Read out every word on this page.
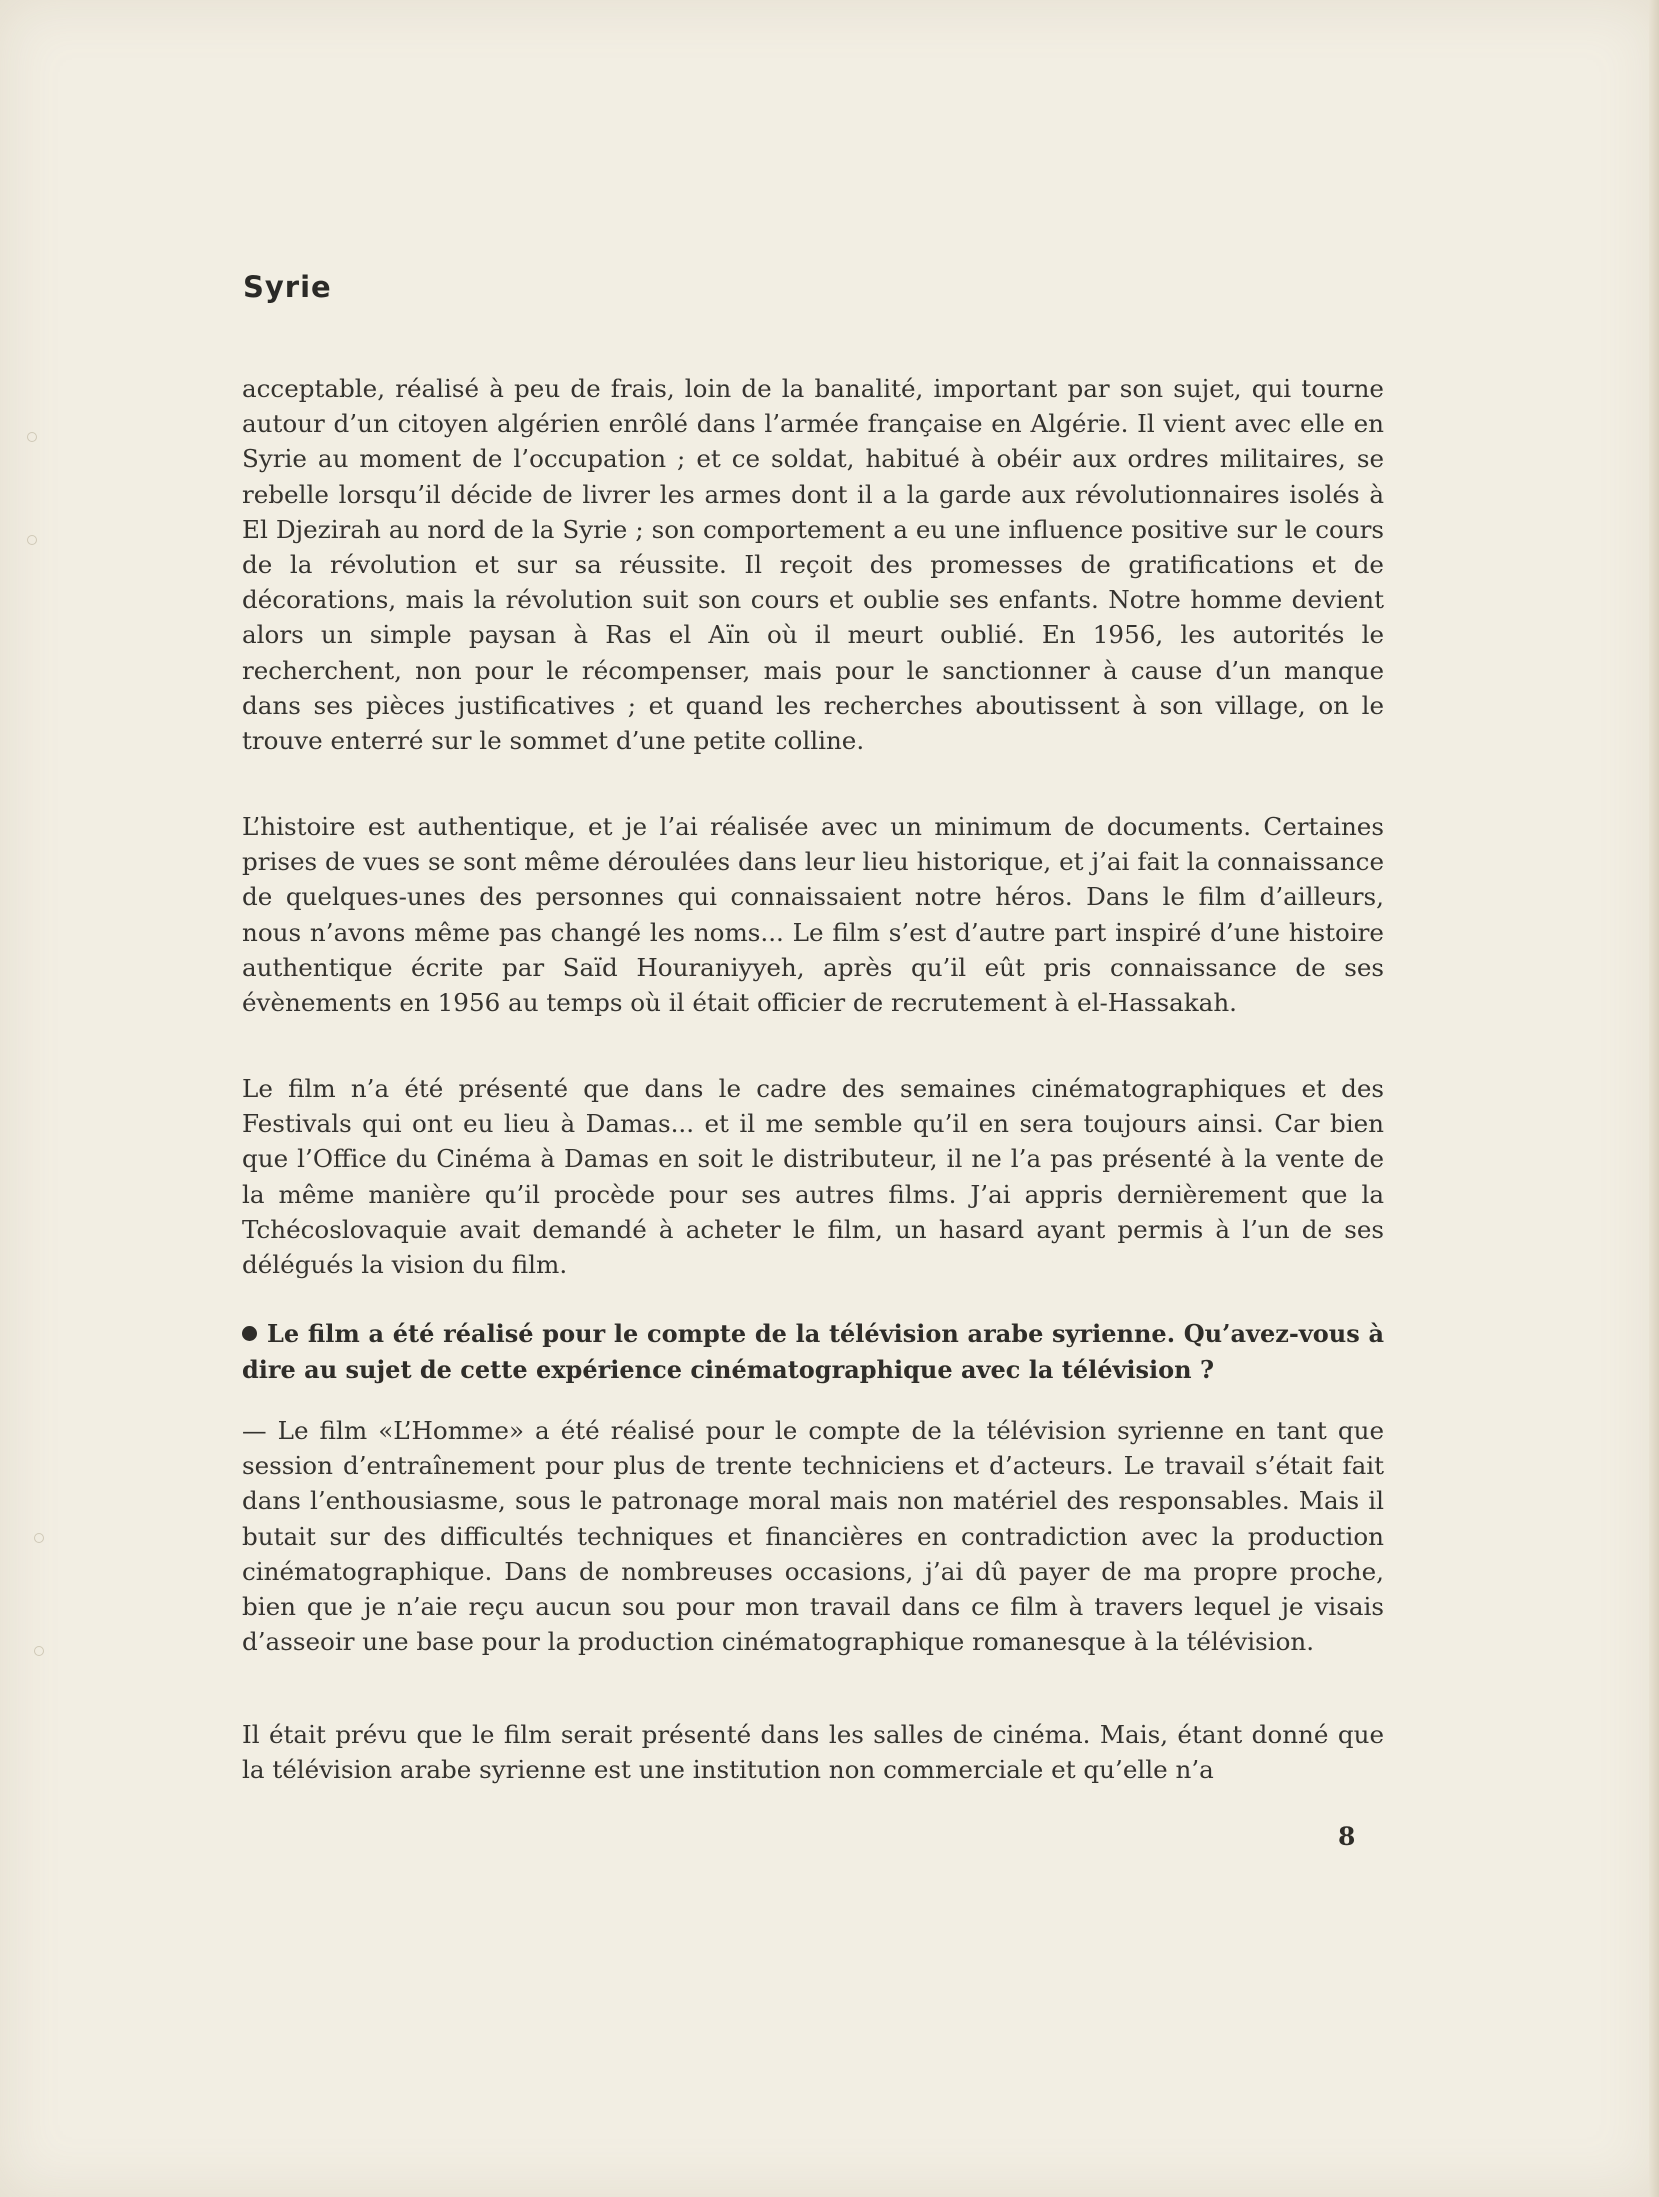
Syrie

acceptable, réalisé à peu de frais, loin de la banalité, important par son sujet, qui tourne autour d’un citoyen algérien enrôlé dans l’armée française en Algérie. Il vient avec elle en Syrie au moment de l’occupation ; et ce soldat, habitué à obéir aux ordres militaires, se rebelle lorsqu’il décide de livrer les armes dont il a la garde aux révolutionnaires isolés à El Djezirah au nord de la Syrie ; son comportement a eu une influence positive sur le cours de la révolution et sur sa réussite. Il reçoit des promesses de gratifications et de décorations, mais la révolution suit son cours et oublie ses enfants. Notre homme devient alors un simple paysan à Ras el Aïn où il meurt oublié. En 1956, les autorités le recherchent, non pour le récompenser, mais pour le sanctionner à cause d’un manque dans ses pièces justificatives ; et quand les recherches aboutissent à son village, on le trouve enterré sur le sommet d’une petite colline.

L’histoire est authentique, et je l’ai réalisée avec un minimum de documents. Certaines prises de vues se sont même déroulées dans leur lieu historique, et j’ai fait la connaissance de quelques-unes des personnes qui connaissaient notre héros. Dans le film d’ailleurs, nous n’avons même pas changé les noms... Le film s’est d’autre part inspiré d’une histoire authentique écrite par Saïd Houraniyyeh, après qu’il eût pris connaissance de ses évènements en 1956 au temps où il était officier de recrutement à el-Hassakah.

Le film n’a été présenté que dans le cadre des semaines cinématographiques et des Festivals qui ont eu lieu à Damas... et il me semble qu’il en sera toujours ainsi. Car bien que l’Office du Cinéma à Damas en soit le distributeur, il ne l’a pas présenté à la vente de la même manière qu’il procède pour ses autres films. J’ai appris dernièrement que la Tchécoslovaquie avait demandé à acheter le film, un hasard ayant permis à l’un de ses délégués la vision du film.

Le film a été réalisé pour le compte de la télévision arabe syrienne. Qu’avez-vous à dire au sujet de cette expérience cinématographique avec la télévision ?

— Le film «L’Homme» a été réalisé pour le compte de la télévision syrienne en tant que session d’entraînement pour plus de trente techniciens et d’acteurs. Le travail s’était fait dans l’enthousiasme, sous le patronage moral mais non matériel des responsables. Mais il butait sur des difficultés techniques et financières en contradiction avec la production cinématographique. Dans de nombreuses occasions, j’ai dû payer de ma propre proche, bien que je n’aie reçu aucun sou pour mon travail dans ce film à travers lequel je visais d’asseoir une base pour la production cinématographique romanesque à la télévision.

Il était prévu que le film serait présenté dans les salles de cinéma. Mais, étant donné que la télévision arabe syrienne est une institution non commerciale et qu’elle n’a

8
